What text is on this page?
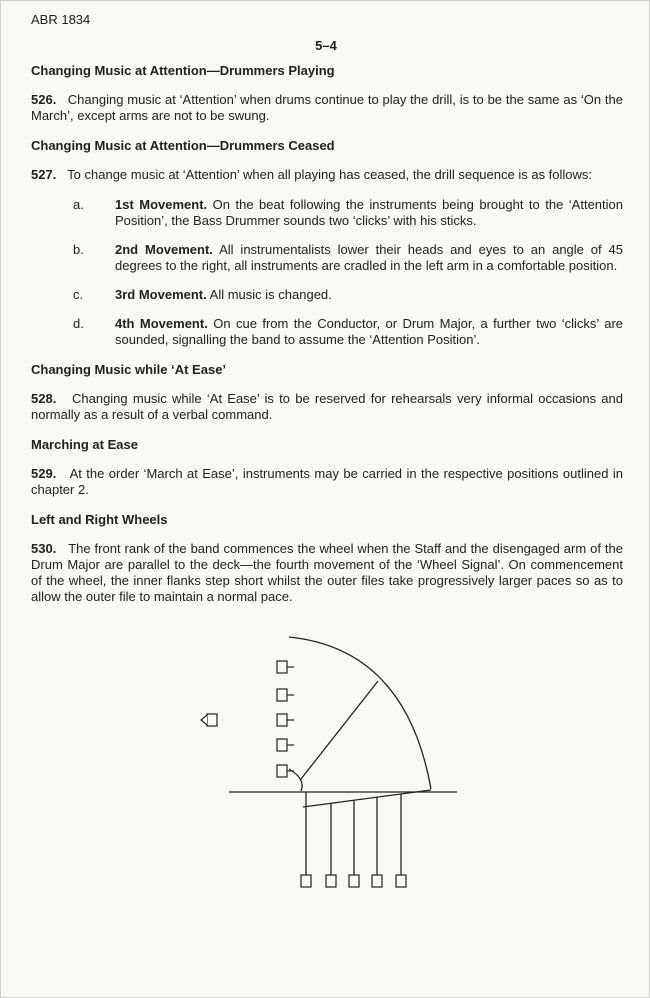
ABR 1834
5–4
Changing Music at Attention—Drummers Playing

526. Changing music at ‘Attention’ when drums continue to play the drill, is to be the same as ‘On the March’, except arms are not to be swung.

Changing Music at Attention—Drummers Ceased

527. To change music at ‘Attention’ when all playing has ceased, the drill sequence is as follows:

a. 1st Movement. On the beat following the instruments being brought to the ‘Attention Position’, the Bass Drummer sounds two ‘clicks’ with his sticks.

b. 2nd Movement. All instrumentalists lower their heads and eyes to an angle of 45 degrees to the right, all instruments are cradled in the left arm in a comfortable position.

c. 3rd Movement. All music is changed.

d. 4th Movement. On cue from the Conductor, or Drum Major, a further two ‘clicks’ are sounded, signalling the band to assume the ‘Attention Position’.

Changing Music while ‘At Ease’

528. Changing music while ‘At Ease’ is to be reserved for rehearsals very informal occasions and normally as a result of a verbal command.

Marching at Ease

529. At the order ‘March at Ease’, instruments may be carried in the respective positions outlined in chapter 2.

Left and Right Wheels

530. The front rank of the band commences the wheel when the Staff and the disengaged arm of the Drum Major are parallel to the deck—the fourth movement of the ‘Wheel Signal’. On commencement of the wheel, the inner flanks step short whilst the outer files take progressively larger paces so as to allow the outer file to maintain a normal pace.
